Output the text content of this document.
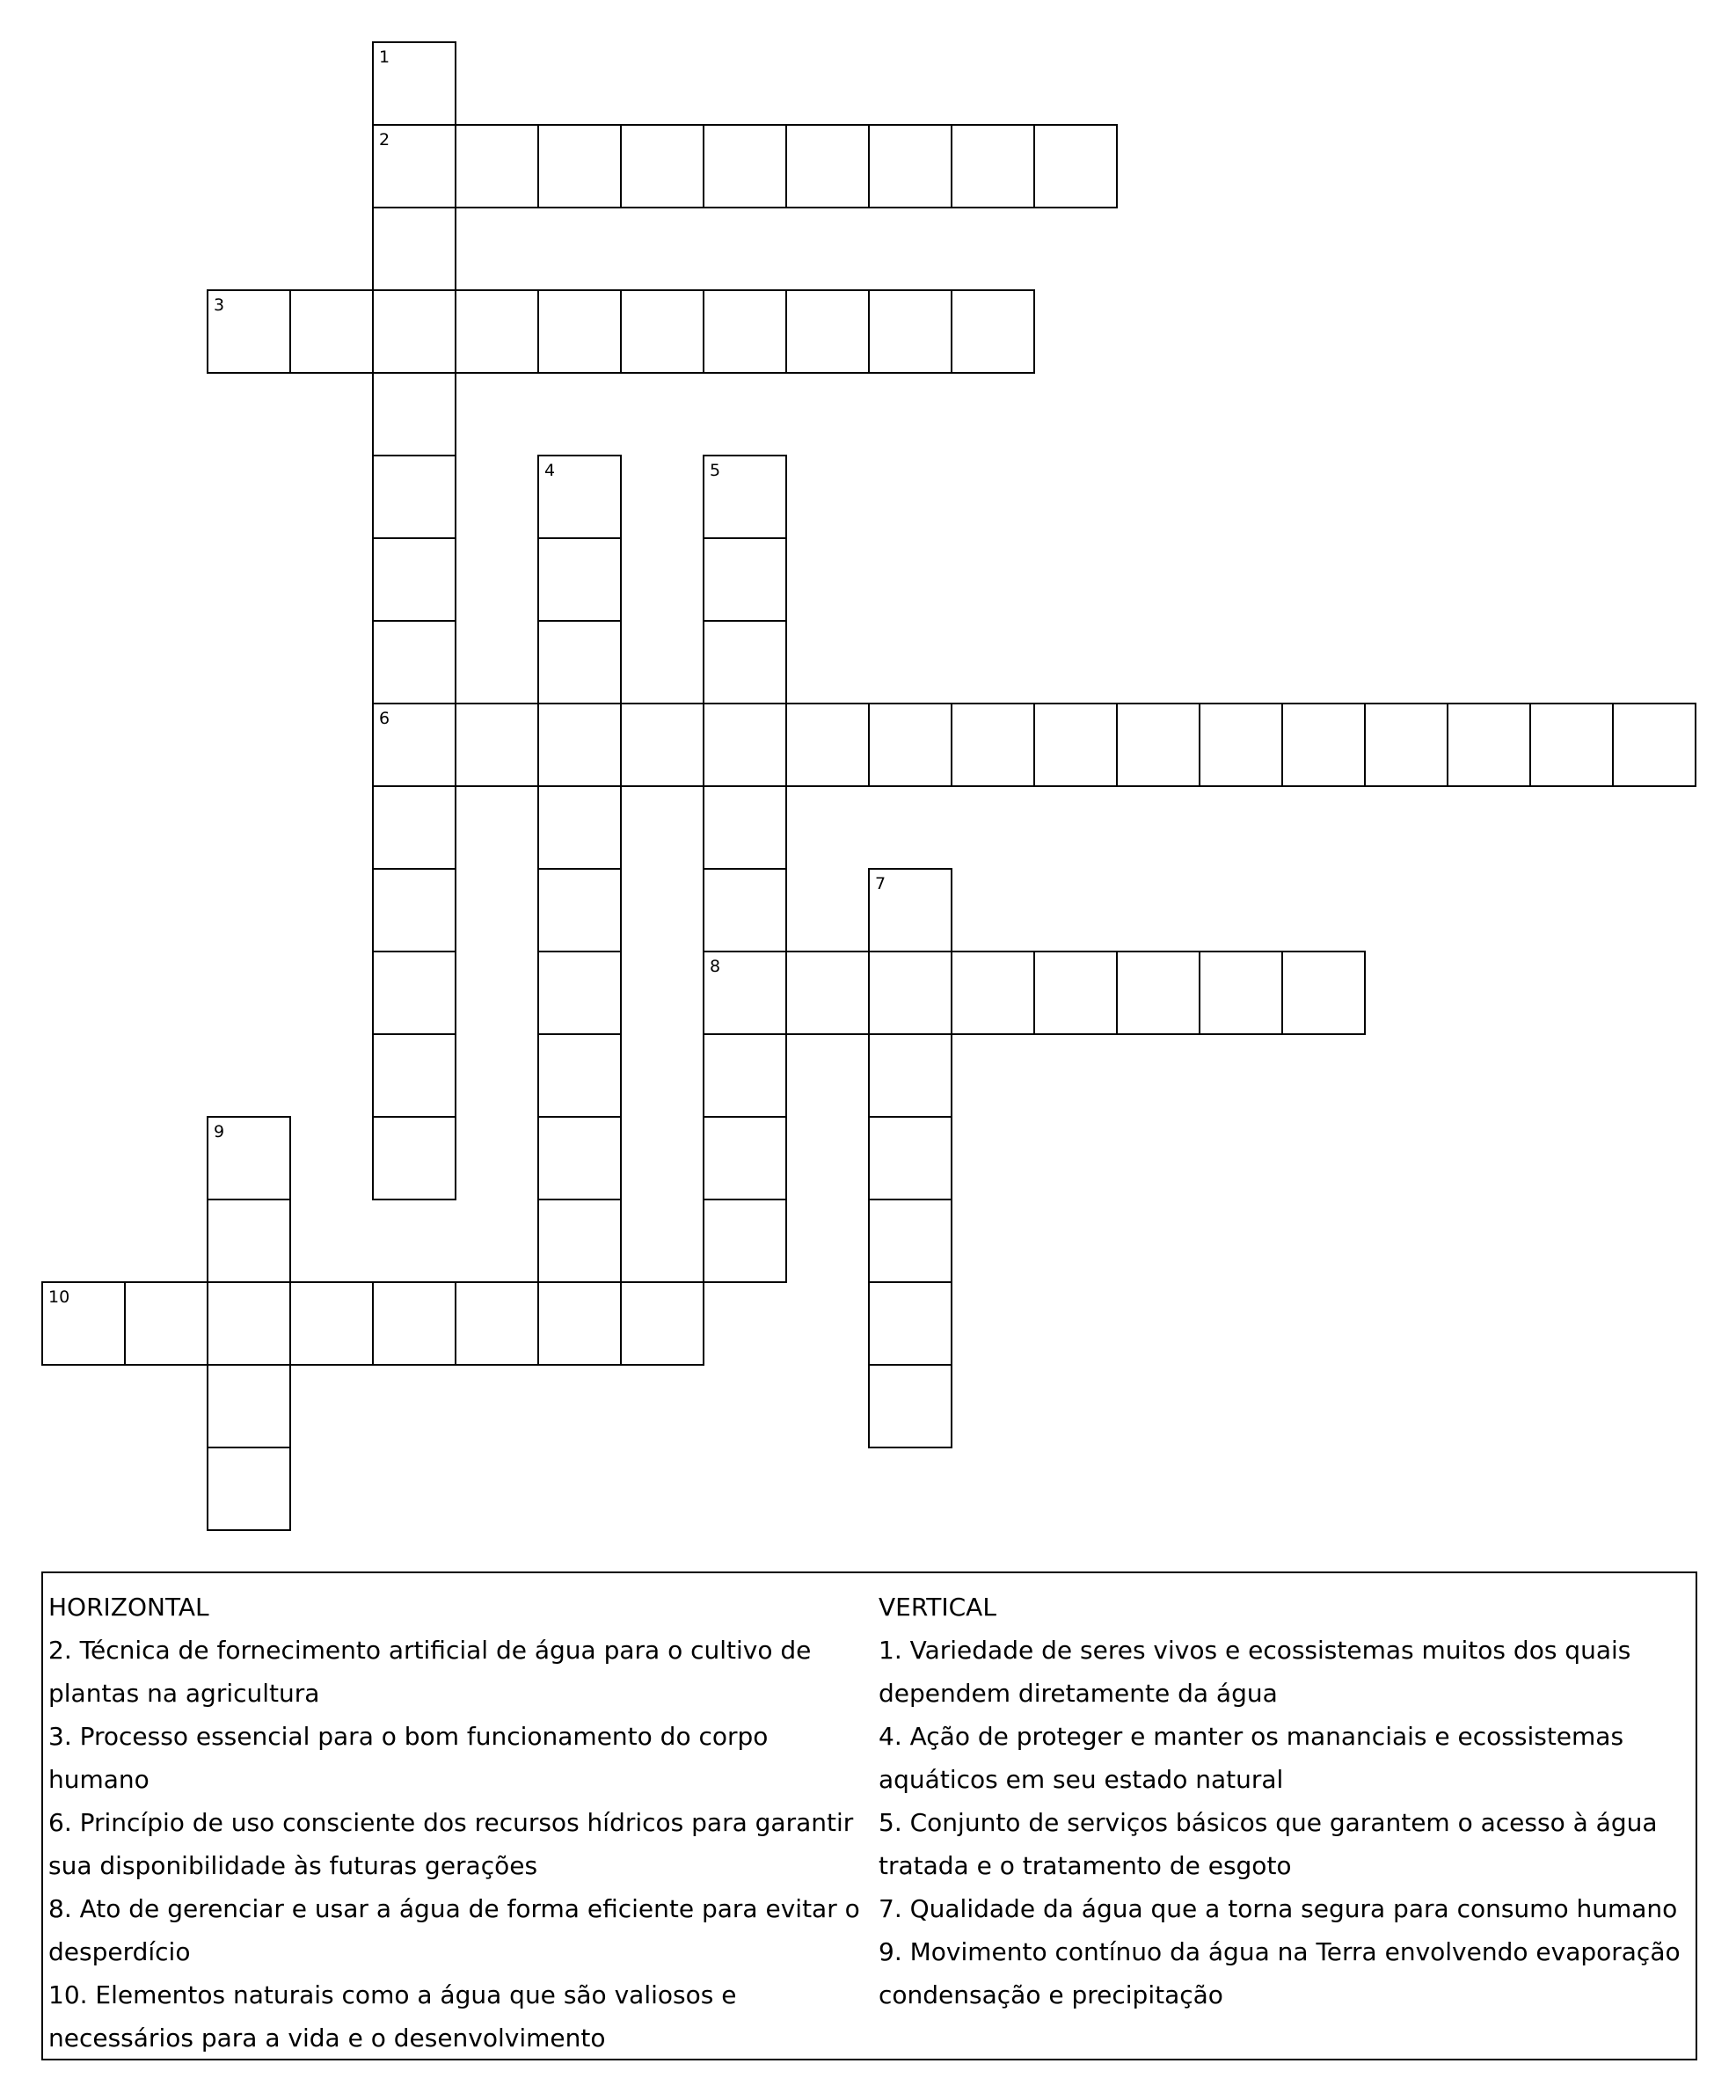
1
2
6
3
4	5
8
7
9
10
HORIZONTAL
2. Técnica de fornecimento artificial de água para o cultivo de plantas na agricultura
3. Processo essencial para o bom funcionamento do corpo humano
6. Princípio de uso consciente dos recursos hídricos para garantir sua disponibilidade às futuras gerações
8. Ato de gerenciar e usar a água de forma eficiente para evitar o desperdício
10. Elementos naturais como a água que são valiosos e necessários para a vida e o desenvolvimento
VERTICAL
1. Variedade de seres vivos e ecossistemas muitos dos quais dependem diretamente da água
4. Ação de proteger e manter os mananciais e ecossistemas aquáticos em seu estado natural
5. Conjunto de serviços básicos que garantem o acesso à água tratada e o tratamento de esgoto
7. Qualidade da água que a torna segura para consumo humano
9. Movimento contínuo da água na Terra envolvendo evaporação condensação e precipitação
